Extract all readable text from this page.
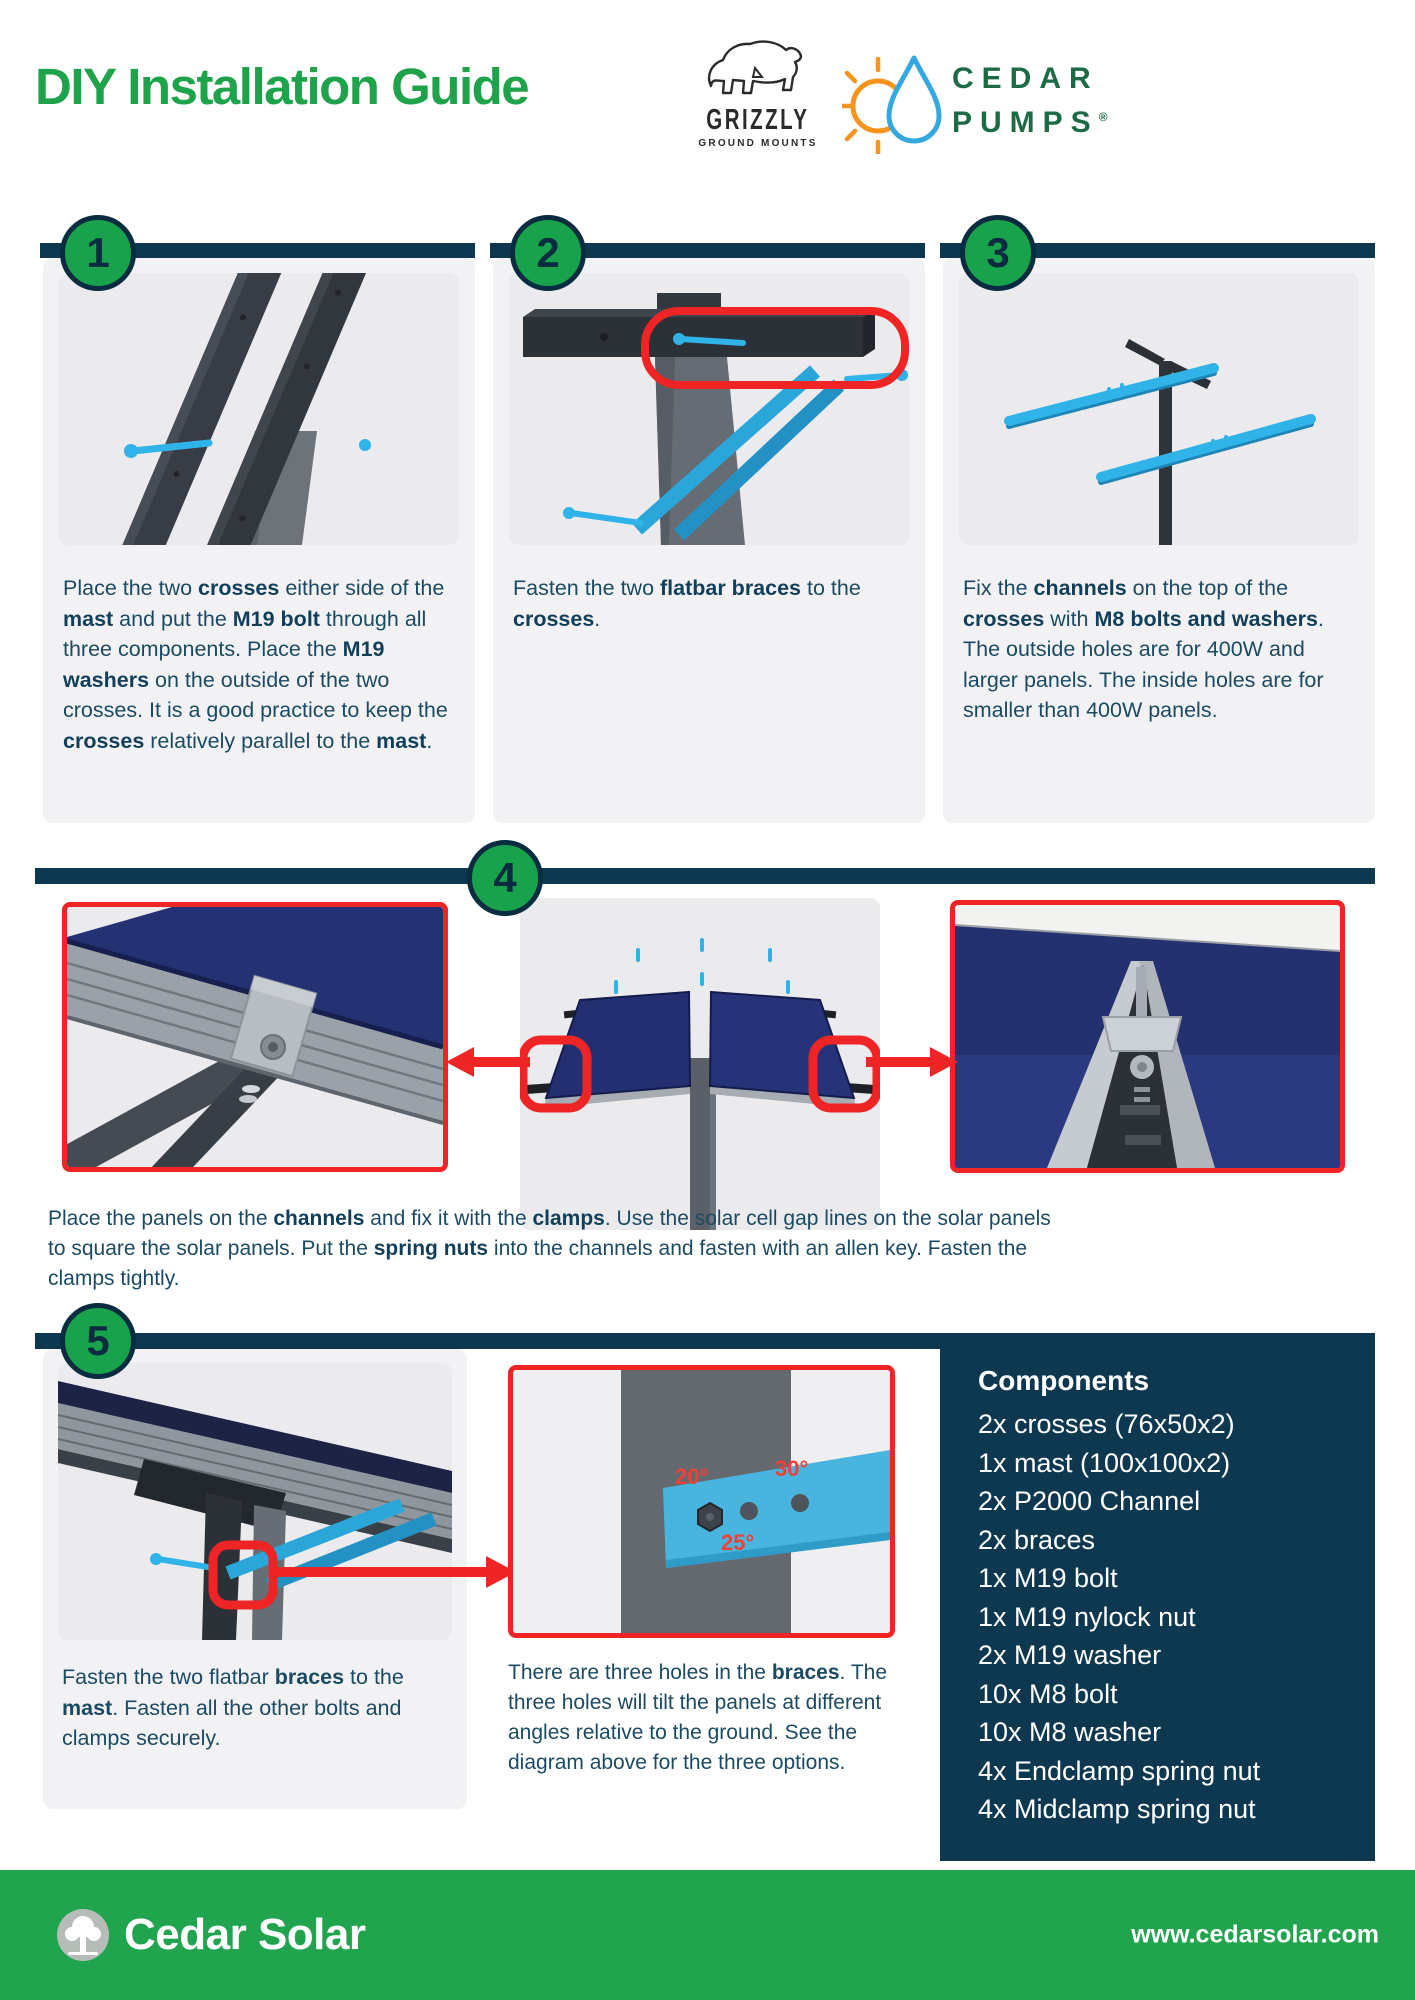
DIY Installation Guide
GRIZZLY
GROUND MOUNTS
CEDAR
PUMPS®
1
Place the two crosses either side of the mast and put the M19 bolt through all three components. Place the M19 washers on the outside of the two crosses. It is a good practice to keep the crosses relatively parallel to the mast.
2
Fasten the two flatbar braces to the crosses.
3
Fix the channels on the top of the crosses with M8 bolts and washers. The outside holes are for 400W and larger panels. The inside holes are for smaller than 400W panels.
4
Place the panels on the channels and fix it with the clamps. Use the solar cell gap lines on the solar panels to square the solar panels. Put the spring nuts into the channels and fasten with an allen key. Fasten the clamps tightly.
5
Fasten the two flatbar braces to the mast. Fasten all the other bolts and clamps securely.
20°	30°
25°
There are three holes in the braces. The three holes will tilt the panels at different angles relative to the ground. See the diagram above for the three options.
Components
2x crosses (76x50x2)
1x mast (100x100x2)
2x P2000 Channel
2x braces
1x M19 bolt
1x M19 nylock nut
2x M19 washer
10x M8 bolt
10x M8 washer
4x Endclamp spring nut
4x Midclamp spring nut
Cedar Solar	www.cedarsolar.com
